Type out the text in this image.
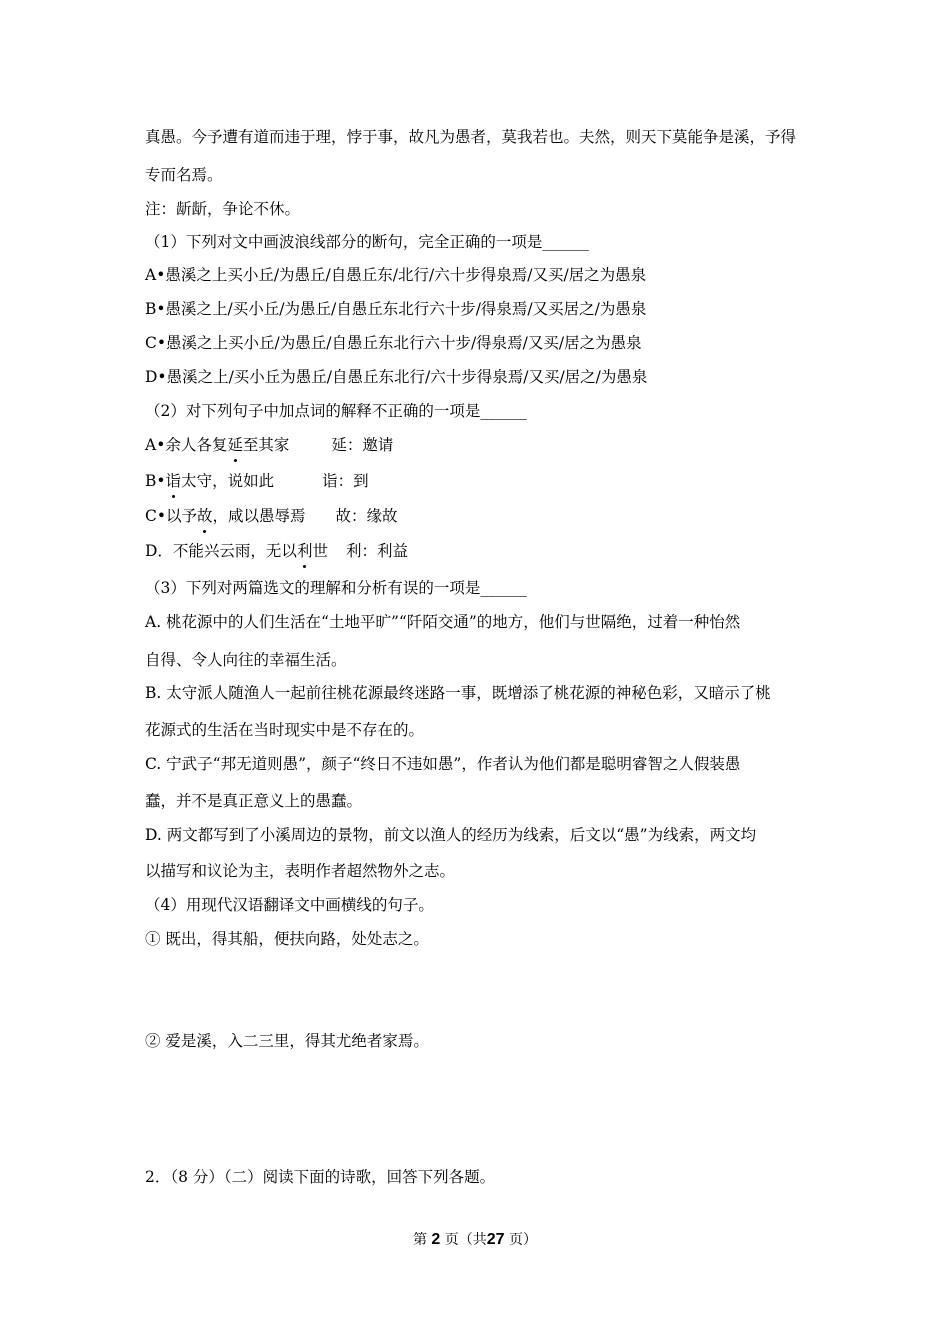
真愚。今予遭有道而违于理，悖于事，故凡为愚者，莫我若也。夫然，则天下莫能争是溪，予得
专而名焉。
注：龂龂，争论不休。
（1）下列对文中画波浪线部分的断句，完全正确的一项是______
A•愚溪之上买小丘/为愚丘/自愚丘东/北行/六十步得泉焉/又买/居之为愚泉
B•愚溪之上/买小丘/为愚丘/自愚丘东北行六十步/得泉焉/又买居之/为愚泉
C•愚溪之上买小丘/为愚丘/自愚丘东北行六十步/得泉焉/又买/居之为愚泉
D•愚溪之上/买小丘为愚丘/自愚丘东北行/六十步得泉焉/又买/居之/为愚泉
（2）对下列句子中加点词的解释不正确的一项是______
A•余人各复延至其家	延：邀请
B•诣太守，说如此	诣：到
C•以予故，咸以愚辱焉 故：缘故
D．不能兴云雨，无以利世 利：利益
（3）下列对两篇选文的理解和分析有误的一项是______
A. 桃花源中的人们生活在“土地平旷”“阡陌交通”的地方，他们与世隔绝，过着一种怡然
自得、令人向往的幸福生活。
B. 太守派人随渔人一起前往桃花源最终迷路一事，既增添了桃花源的神秘色彩，又暗示了桃
花源式的生活在当时现实中是不存在的。
C. 宁武子“邦无道则愚”，颜子“终日不违如愚”，作者认为他们都是聪明睿智之人假装愚
蠢，并不是真正意义上的愚蠢。
D. 两文都写到了小溪周边的景物，前文以渔人的经历为线索，后文以“愚”为线索，两文均
以描写和议论为主，表明作者超然物外之志。
（4）用现代汉语翻译文中画横线的句子。
① 既出，得其船，便扶向路，处处志之。
② 爱是溪，入二三里，得其尤绝者家焉。
2．（8 分）（二）阅读下面的诗歌，回答下列各题。
第 2 页（共27 页）
